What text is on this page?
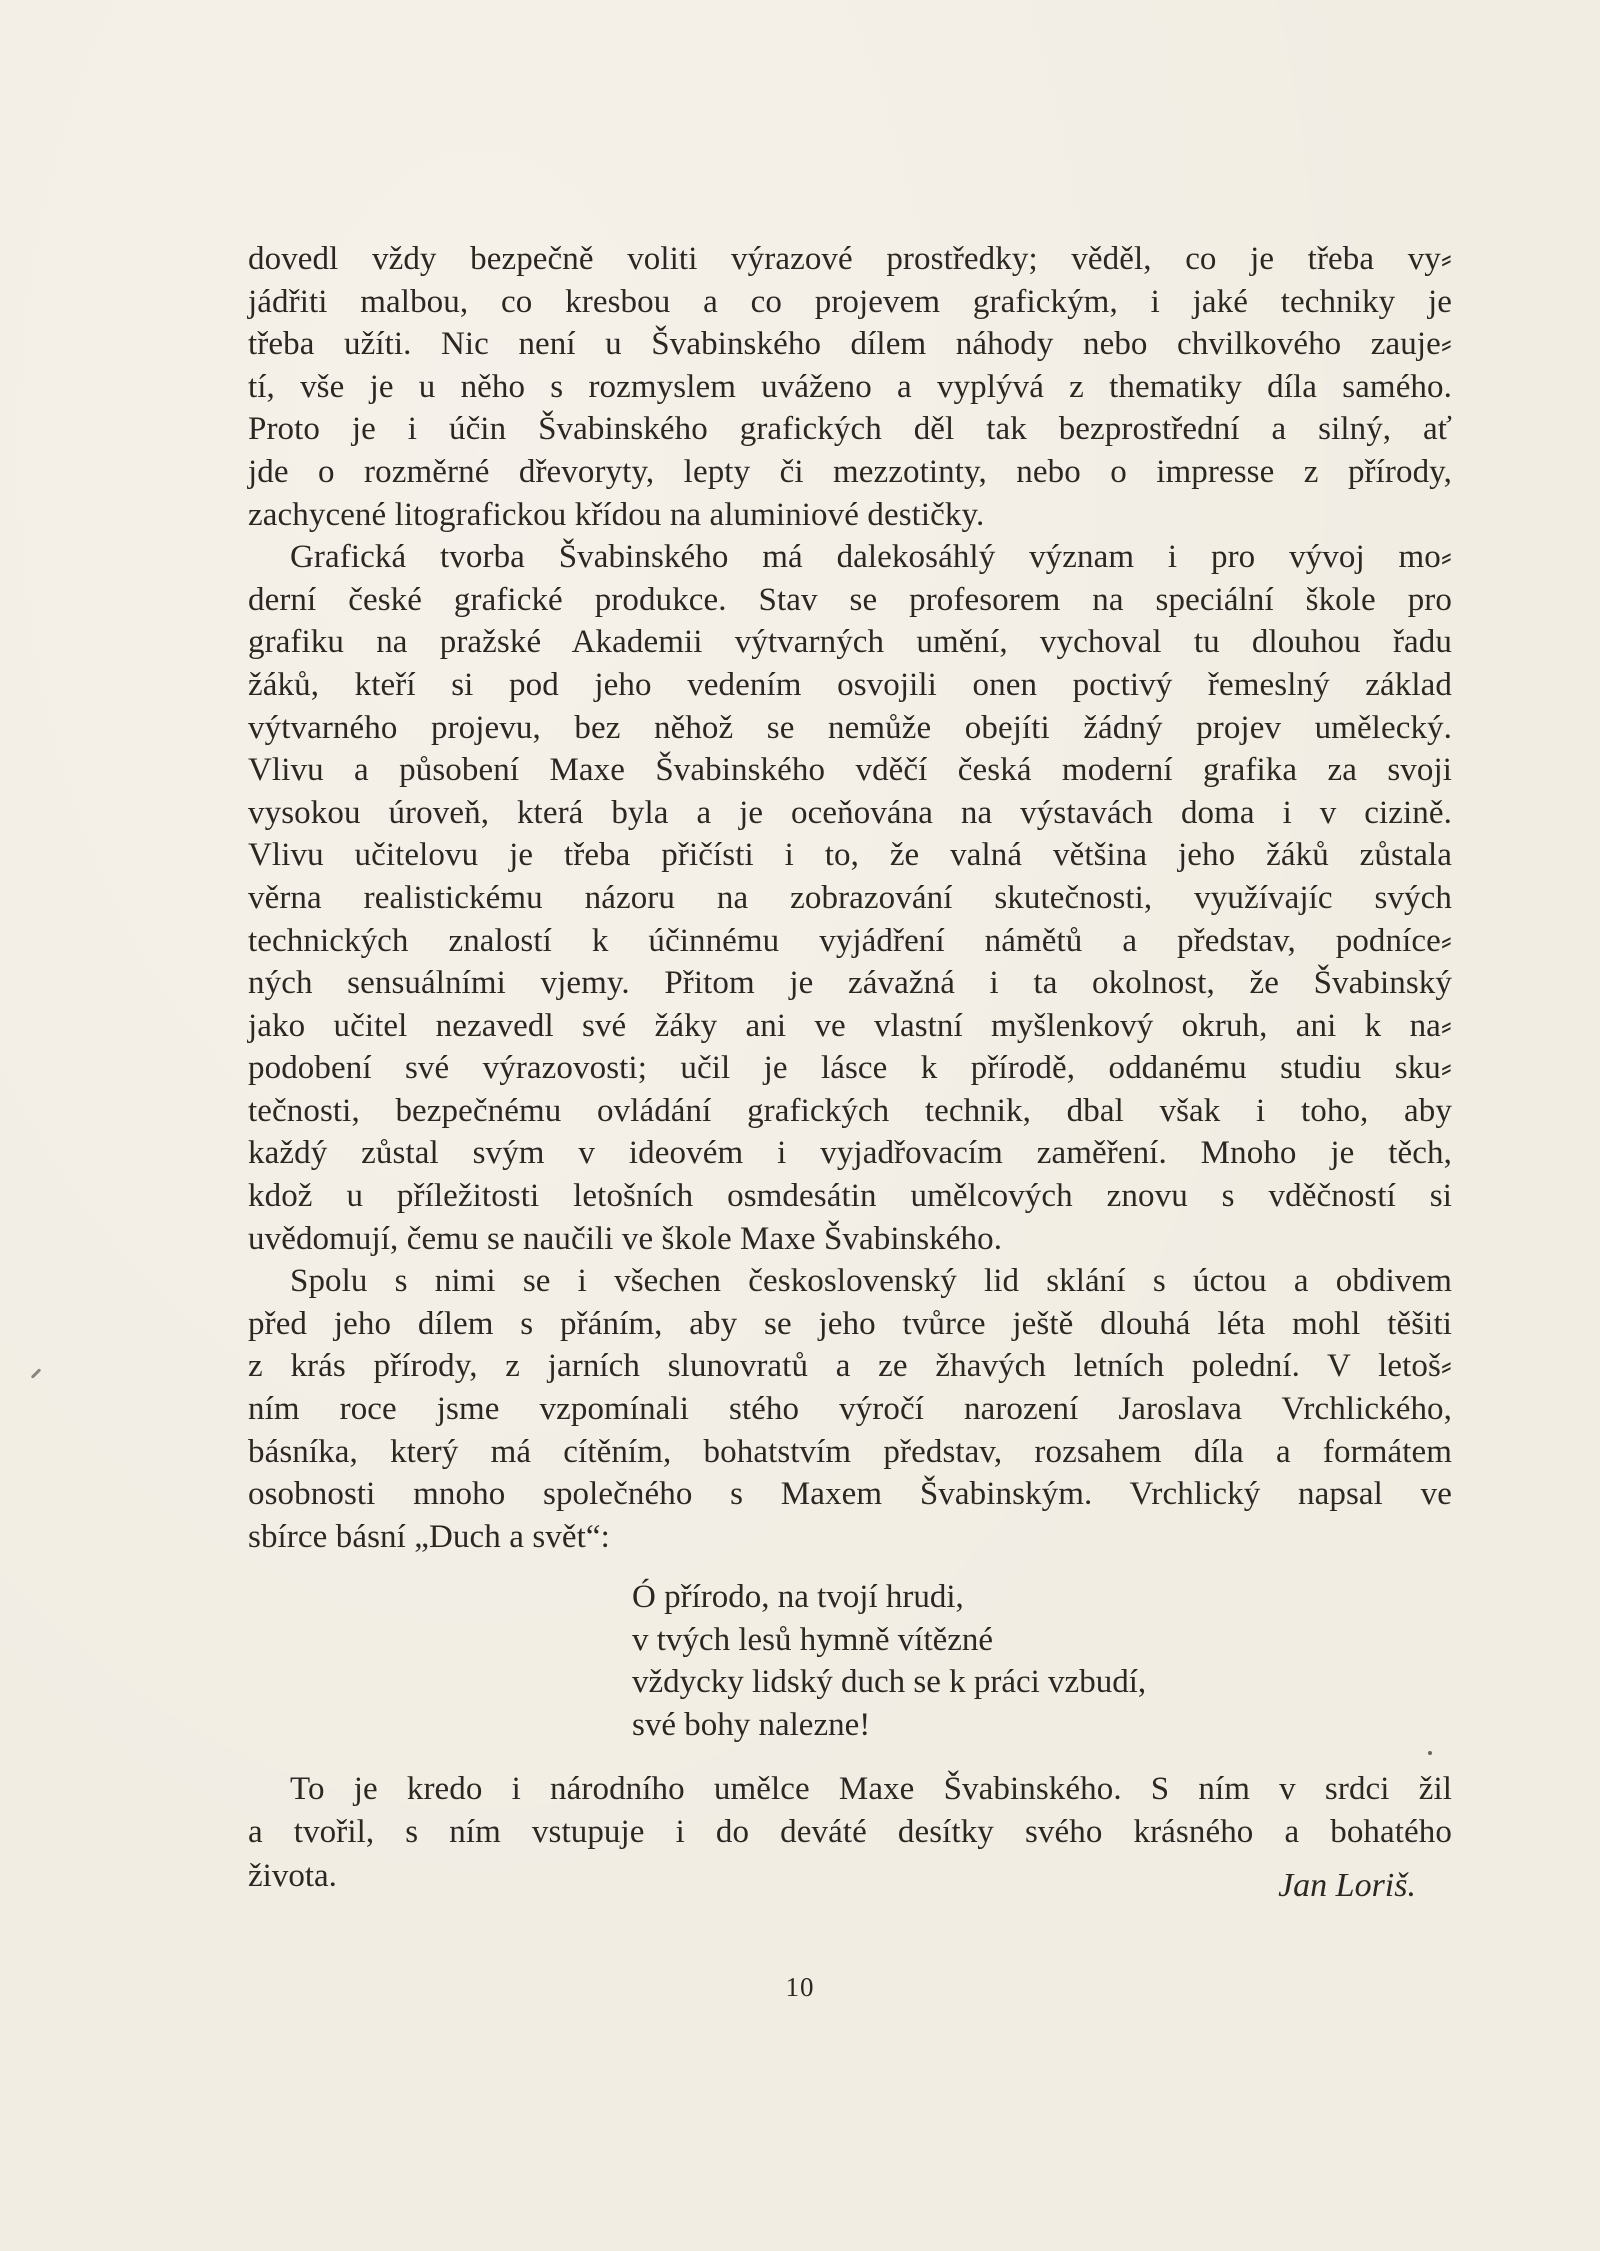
dovedl vždy bezpečně voliti výrazové prostředky; věděl, co je třeba vy⸗
jádřiti malbou, co kresbou a co projevem grafickým, i jaké techniky je
třeba užíti. Nic není u Švabinského dílem náhody nebo chvilkového zauje⸗
tí, vše je u něho s rozmyslem uváženo a vyplývá z thematiky díla samého.
Proto je i účin Švabinského grafických děl tak bezprostřední a silný, ať
jde o rozměrné dřevoryty, lepty či mezzotinty, nebo o impresse z přírody,
zachycené litografickou křídou na aluminiové destičky.
Grafická tvorba Švabinského má dalekosáhlý význam i pro vývoj mo⸗
derní české grafické produkce. Stav se profesorem na speciální škole pro
grafiku na pražské Akademii výtvarných umění, vychoval tu dlouhou řadu
žáků, kteří si pod jeho vedením osvojili onen poctivý řemeslný základ
výtvarného projevu, bez něhož se nemůže obejíti žádný projev umělecký.
Vlivu a působení Maxe Švabinského vděčí česká moderní grafika za svoji
vysokou úroveň, která byla a je oceňována na výstavách doma i v cizině.
Vlivu učitelovu je třeba přičísti i to, že valná většina jeho žáků zůstala
věrna realistickému názoru na zobrazování skutečnosti, využívajíc svých
technických znalostí k účinnému vyjádření námětů a představ, podníce⸗
ných sensuálními vjemy. Přitom je závažná i ta okolnost, že Švabinský
jako učitel nezavedl své žáky ani ve vlastní myšlenkový okruh, ani k na⸗
podobení své výrazovosti; učil je lásce k přírodě, oddanému studiu sku⸗
tečnosti, bezpečnému ovládání grafických technik, dbal však i toho, aby
každý zůstal svým v ideovém i vyjadřovacím zaměření. Mnoho je těch,
kdož u příležitosti letošních osmdesátin umělcových znovu s vděčností si
uvědomují, čemu se naučili ve škole Maxe Švabinského.
Spolu s nimi se i všechen československý lid sklání s úctou a obdivem
před jeho dílem s přáním, aby se jeho tvůrce ještě dlouhá léta mohl těšiti
z krás přírody, z jarních slunovratů a ze žhavých letních polední. V letoš⸗
ním roce jsme vzpomínali stého výročí narození Jaroslava Vrchlického,
básníka, který má cítěním, bohatstvím představ, rozsahem díla a formátem
osobnosti mnoho společného s Maxem Švabinským. Vrchlický napsal ve
sbírce básní „Duch a svět“:
Ó přírodo, na tvojí hrudi,
v tvých lesů hymně vítězné
vždycky lidský duch se k práci vzbudí,
své bohy nalezne!
To je kredo i národního umělce Maxe Švabinského. S ním v srdci žil
a tvořil, s ním vstupuje i do deváté desítky svého krásného a bohatého
života.	Jan Loriš.
10
